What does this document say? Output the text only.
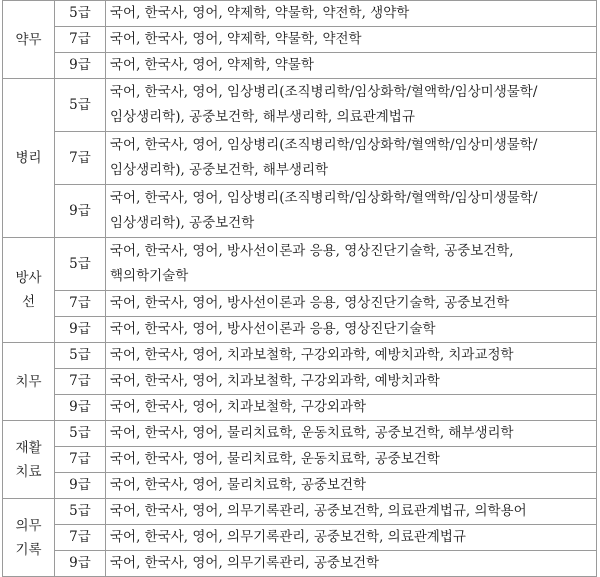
약무	5급	국어, 한국사, 영어, 약제학, 약물학, 약전학, 생약학
	7급	국어, 한국사, 영어, 약제학, 약물학, 약전학
	9급	국어, 한국사, 영어, 약제학, 약물학

병리	5급	국어, 한국사, 영어, 임상병리(조직병리학/임상화학/혈액학/임상미생물학/임상생리학), 공중보건학, 해부생리학, 의료관계법규
	7급	국어, 한국사, 영어, 임상병리(조직병리학/임상화학/혈액학/임상미생물학/임상생리학), 공중보건학, 해부생리학
	9급	국어, 한국사, 영어, 임상병리(조직병리학/임상화학/혈액학/임상미생물학/임상생리학), 공중보건학

방사
선	5급	국어, 한국사, 영어, 방사선이론과 응용, 영상진단기술학, 공중보건학, 핵의학기술학
	7급	국어, 한국사, 영어, 방사선이론과 응용, 영상진단기술학, 공중보건학
	9급	국어, 한국사, 영어, 방사선이론과 응용, 영상진단기술학

치무	5급	국어, 한국사, 영어, 치과보철학, 구강외과학, 예방치과학, 치과교정학
	7급	국어, 한국사, 영어, 치과보철학, 구강외과학, 예방치과학
	9급	국어, 한국사, 영어, 치과보철학, 구강외과학

재활
치료	5급	국어, 한국사, 영어, 물리치료학, 운동치료학, 공중보건학, 해부생리학
	7급	국어, 한국사, 영어, 물리치료학, 운동치료학, 공중보건학
	9급	국어, 한국사, 영어, 물리치료학, 공중보건학

의무
기록	5급	국어, 한국사, 영어, 의무기록관리, 공중보건학, 의료관계법규, 의학용어
	7급	국어, 한국사, 영어, 의무기록관리, 공중보건학, 의료관계법규
	9급	국어, 한국사, 영어, 의무기록관리, 공중보건학
